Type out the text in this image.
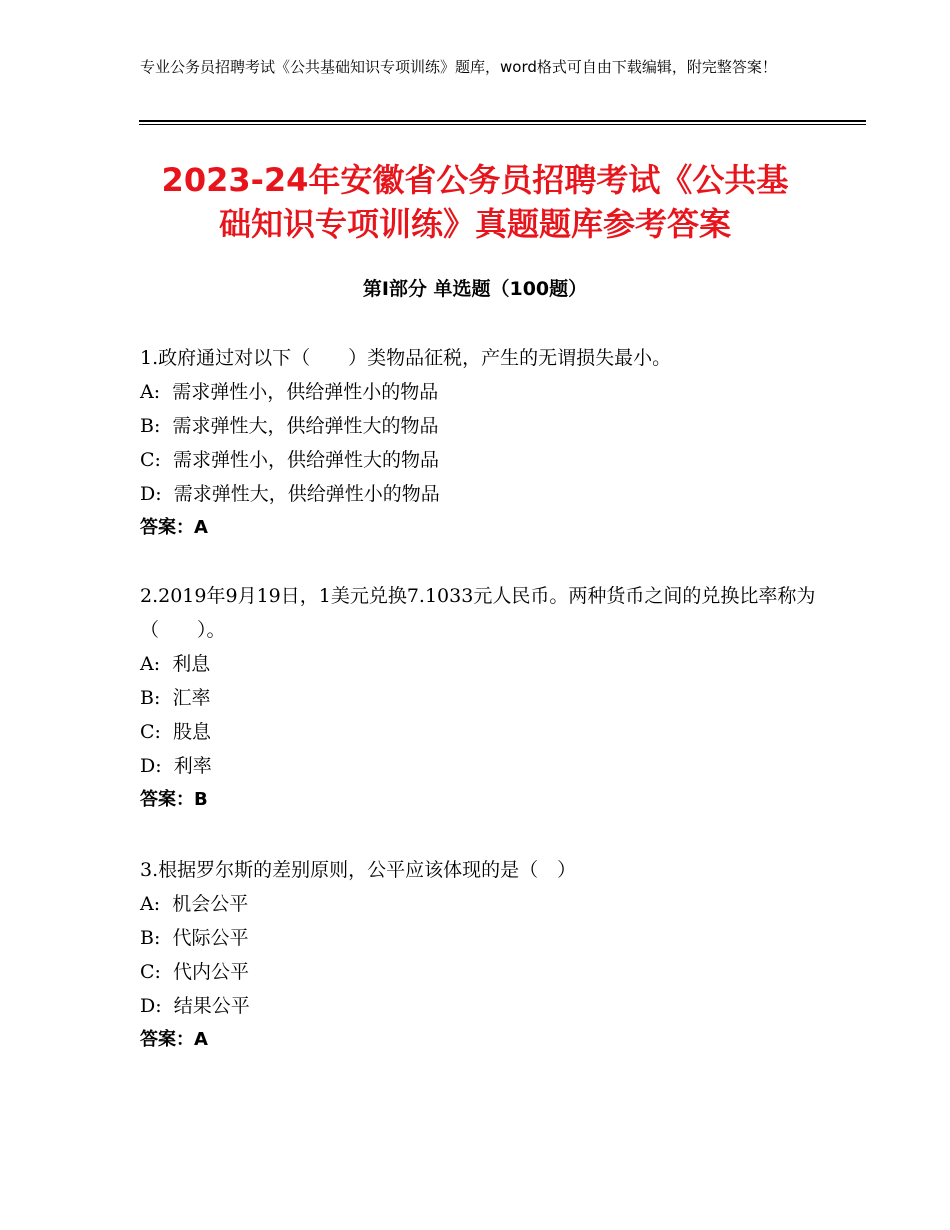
专业公务员招聘考试《公共基础知识专项训练》题库，word格式可自由下载编辑，附完整答案！
2023-24年安徽省公务员招聘考试《公共基
础知识专项训练》真题题库参考答案
第Ⅰ部分 单选题（100题）

1.政府通过对以下（　　）类物品征税，产生的无谓损失最小。

A:  需求弹性小，供给弹性小的物品

B:  需求弹性大，供给弹性大的物品

C:  需求弹性小，供给弹性大的物品

D:  需求弹性大，供给弹性小的物品

答案：A

2.2019年9月19日，1美元兑换7.1033元人民币。两种货币之间的兑换比率称为（　　）。

A:  利息

B:  汇率

C:  股息

D:  利率

答案：B

3.根据罗尔斯的差别原则，公平应该体现的是（　）

A:  机会公平

B:  代际公平

C:  代内公平

D:  结果公平

答案：A
